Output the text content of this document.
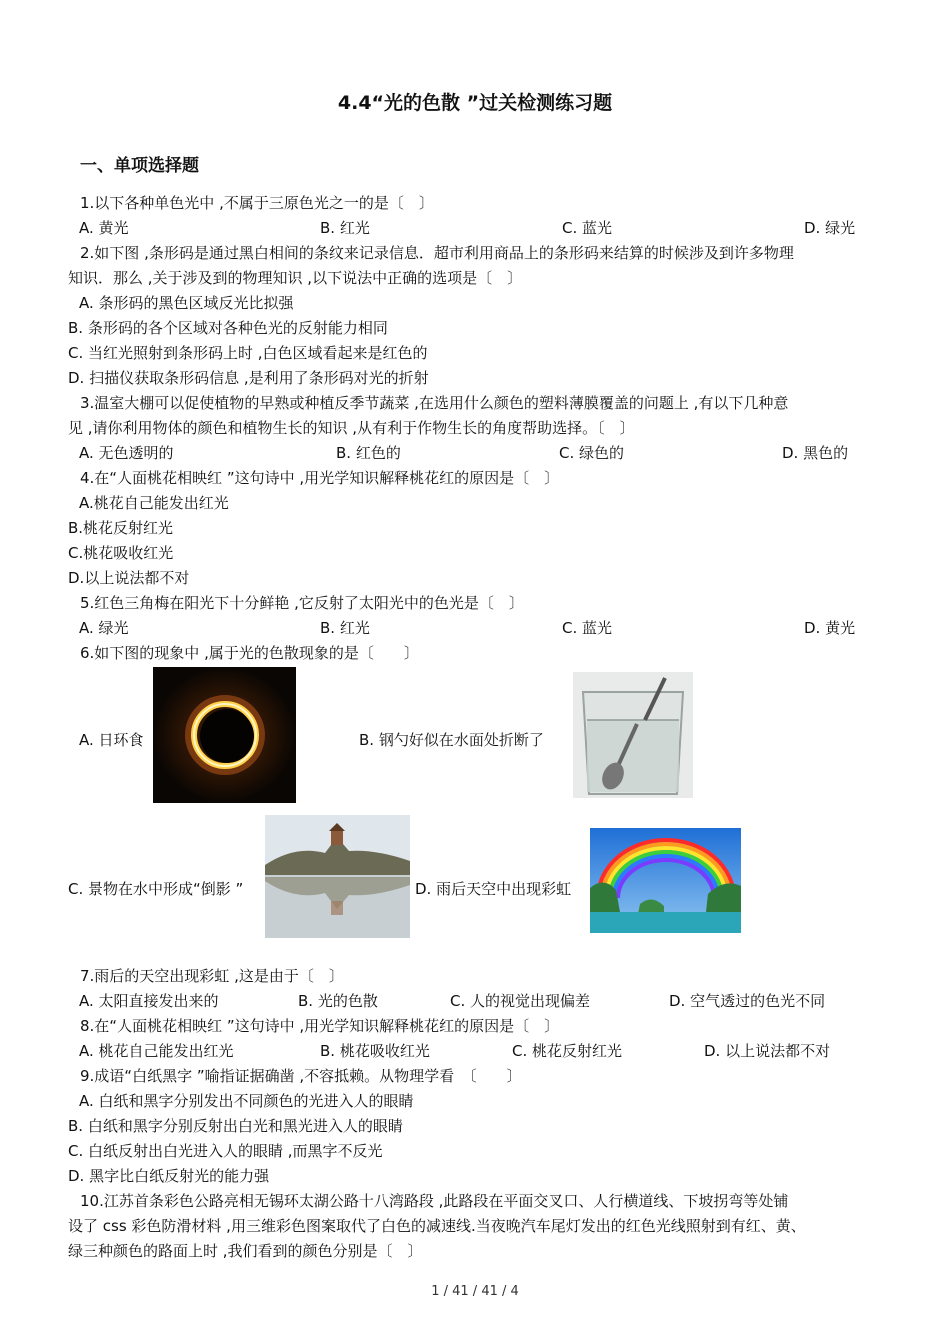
4.4“光的色散 ”过关检测练习题
一、单项选择题
1.以下各种单色光中 ,不属于三原色光之一的是〔　〕
A. 黄光	B. 红光	C. 蓝光	D. 绿光
2.如下图 ,条形码是通过黑白相间的条纹来记录信息．超市利用商品上的条形码来结算的时候涉及到许多物理
知识．那么 ,关于涉及到的物理知识 ,以下说法中正确的选项是〔　〕
A. 条形码的黑色区域反光比拟强
B. 条形码的各个区域对各种色光的反射能力相同
C. 当红光照射到条形码上时 ,白色区域看起来是红色的
D. 扫描仪获取条形码信息 ,是利用了条形码对光的折射
3.温室大棚可以促使植物的早熟或种植反季节蔬菜 ,在选用什么颜色的塑料薄膜覆盖的问题上 ,有以下几种意
见 ,请你利用物体的颜色和植物生长的知识 ,从有利于作物生长的角度帮助选择。〔　〕
A. 无色透明的	B. 红色的	C. 绿色的	D. 黑色的
4.在“人面桃花相映红 ”这句诗中 ,用光学知识解释桃花红的原因是〔　〕
A.桃花自己能发出红光
B.桃花反射红光
C.桃花吸收红光
D.以上说法都不对
5.红色三角梅在阳光下十分鲜艳 ,它反射了太阳光中的色光是〔　〕
A. 绿光	B. 红光	C. 蓝光	D. 黄光
6.如下图的现象中 ,属于光的色散现象的是〔　　〕
A. 日环食	B. 钢勺好似在水面处折断了
C. 景物在水中形成“倒影 ”	D. 雨后天空中出现彩虹
7.雨后的天空出现彩虹 ,这是由于〔　〕
A. 太阳直接发出来的	B. 光的色散	C. 人的视觉出现偏差	D. 空气透过的色光不同
8.在“人面桃花相映红 ”这句诗中 ,用光学知识解释桃花红的原因是〔　〕
A. 桃花自己能发出红光	B. 桃花吸收红光	C. 桃花反射红光	D. 以上说法都不对
9.成语“白纸黑字 ”喻指证据确凿 ,不容抵赖。从物理学看　〔　　〕
A. 白纸和黑字分别发出不同颜色的光进入人的眼睛
B. 白纸和黑字分别反射出白光和黑光进入人的眼睛
C. 白纸反射出白光进入人的眼睛 ,而黑字不反光
D. 黑字比白纸反射光的能力强
10.江苏首条彩色公路亮相无锡环太湖公路十八湾路段 ,此路段在平面交叉口、人行横道线、下坡拐弯等处铺
设了 css 彩色防滑材料 ,用三维彩色图案取代了白色的减速线.当夜晚汽车尾灯发出的红色光线照射到有红、黄、
绿三种颜色的路面上时 ,我们看到的颜色分别是〔　〕
1 / 41 / 41 / 4
